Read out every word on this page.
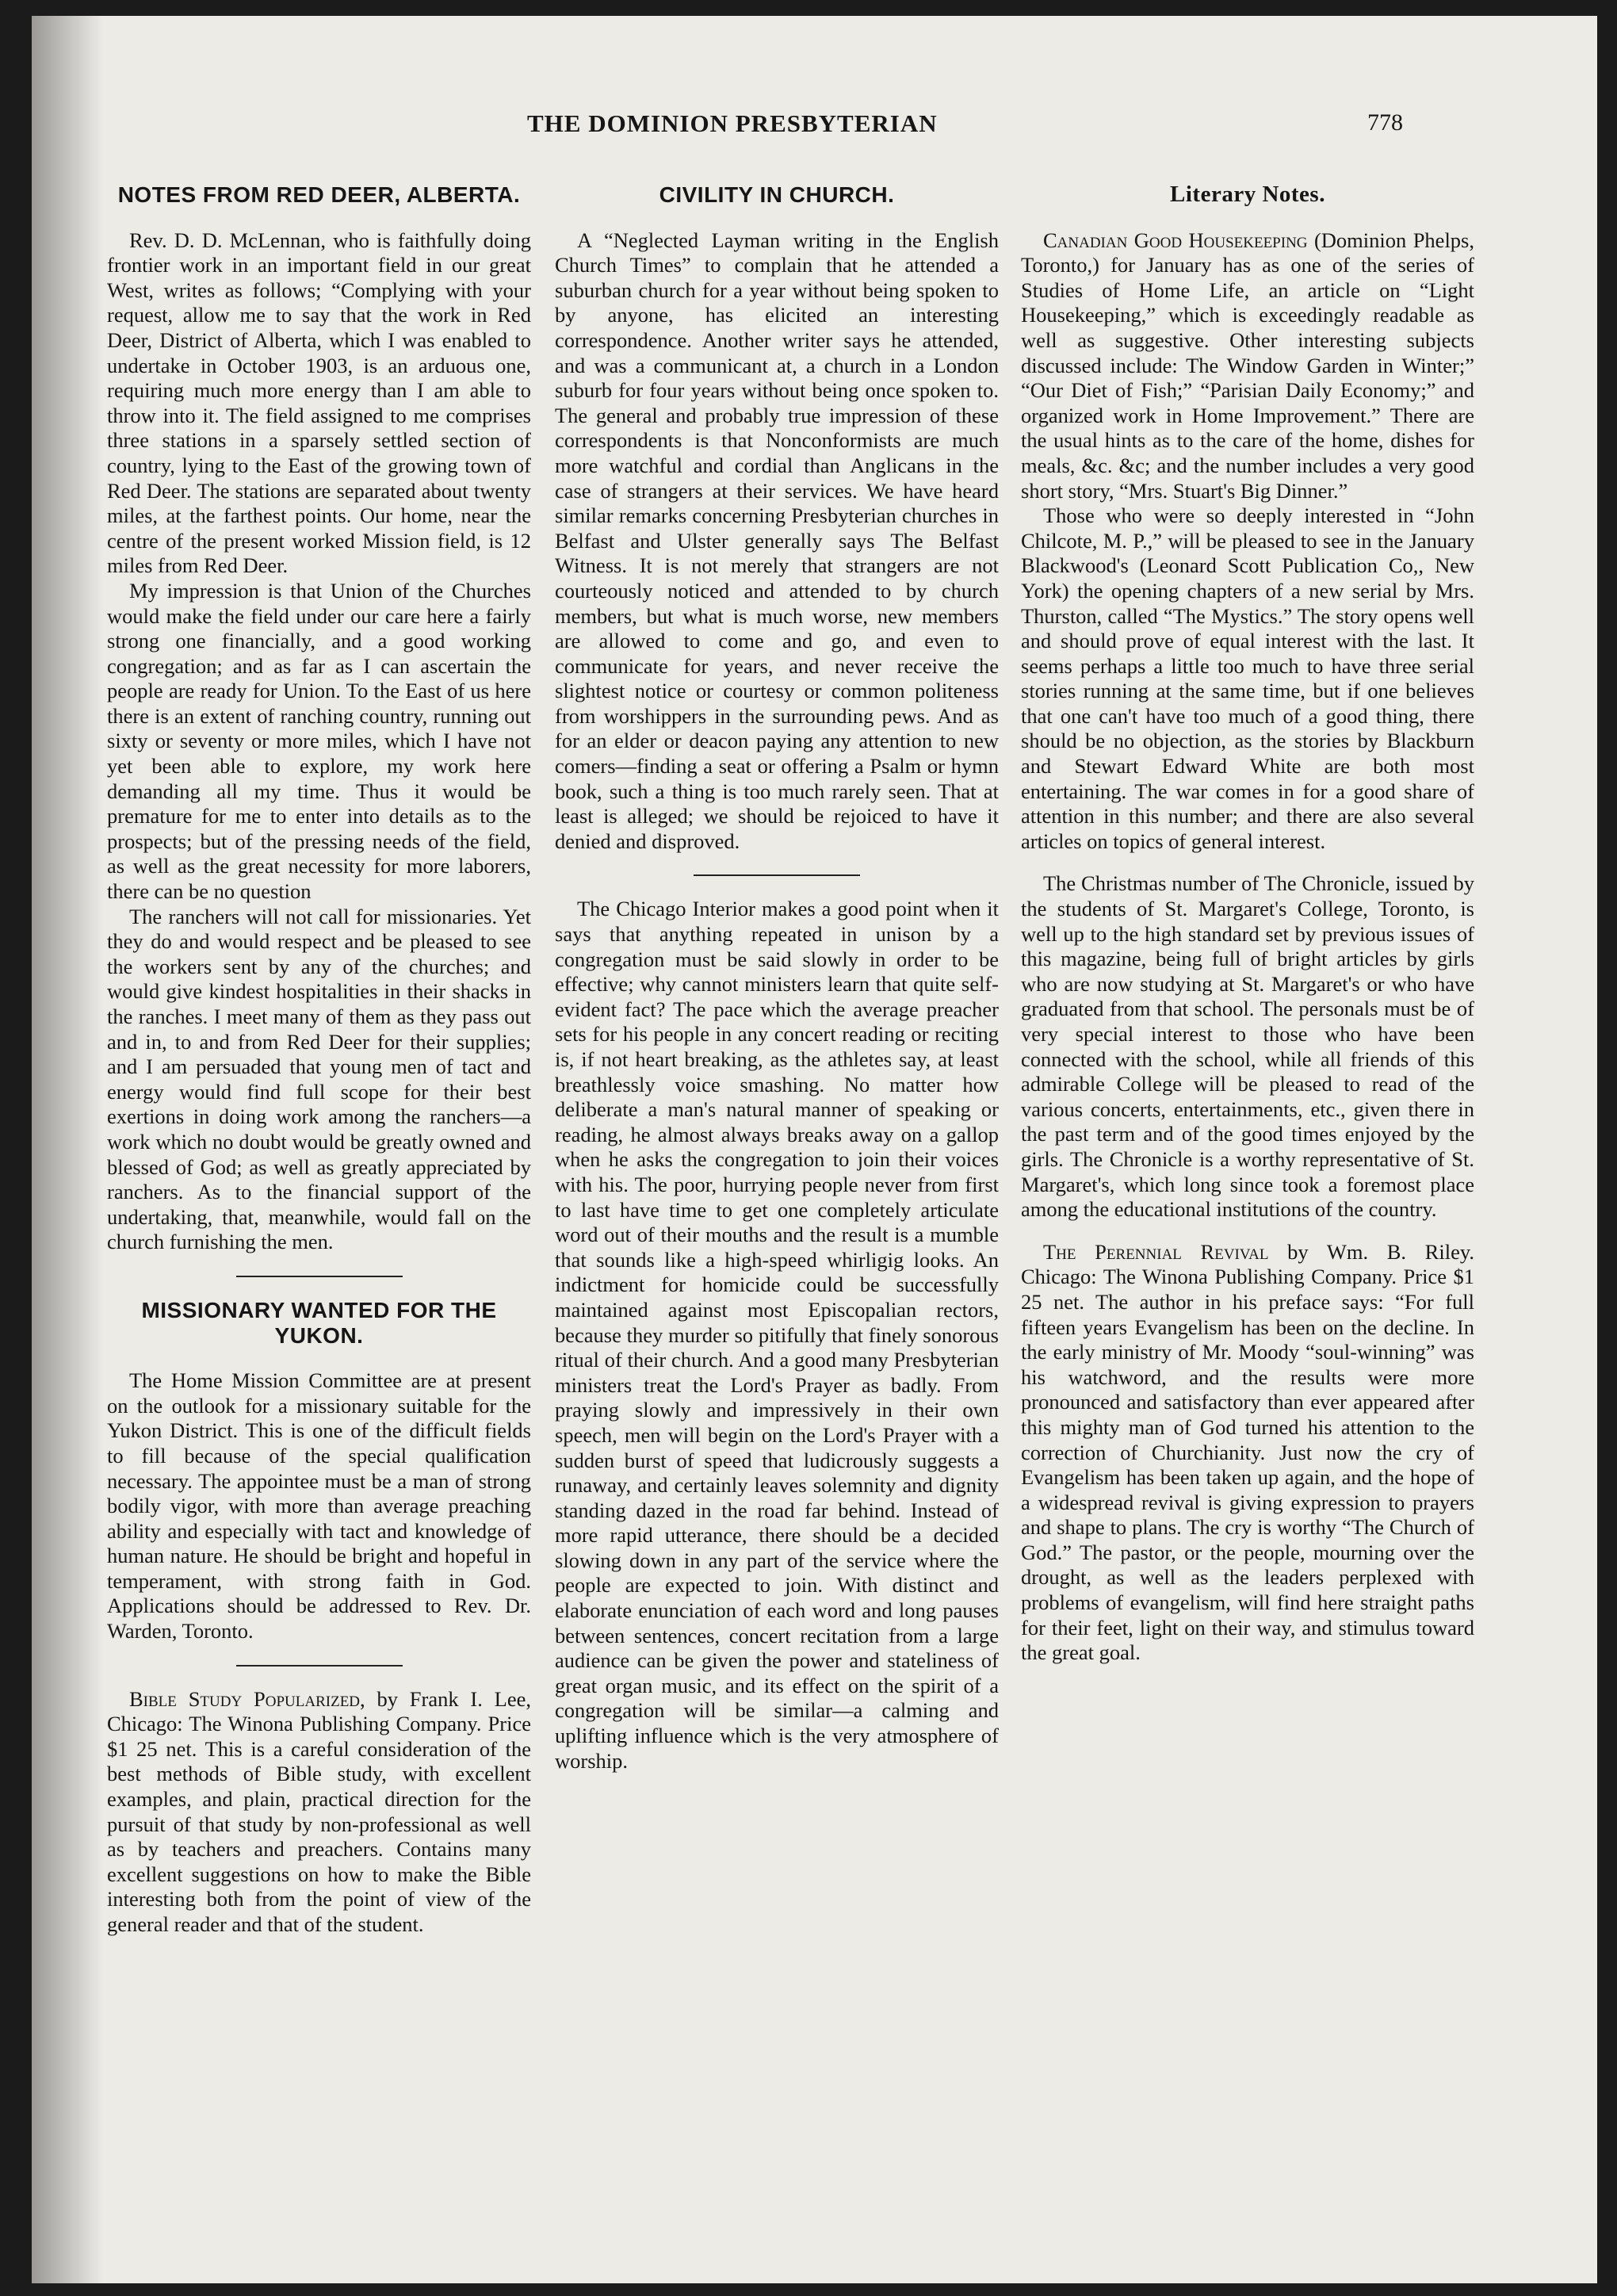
THE DOMINION PRESBYTERIAN	778
NOTES FROM RED DEER, ALBERTA.

Rev. D. D. McLennan, who is faithfully doing frontier work in an important field in our great West, writes as follows; “Complying with your request, allow me to say that the work in Red Deer, District of Alberta, which I was enabled to undertake in October 1903, is an arduous one, requiring much more energy than I am able to throw into it. The field assigned to me comprises three stations in a sparsely settled section of country, lying to the East of the growing town of Red Deer. The stations are separated about twenty miles, at the farthest points. Our home, near the centre of the present worked Mission field, is 12 miles from Red Deer.

My impression is that Union of the Churches would make the field under our care here a fairly strong one financially, and a good working congregation; and as far as I can ascertain the people are ready for Union. To the East of us here there is an extent of ranching country, running out sixty or seventy or more miles, which I have not yet been able to explore, my work here demanding all my time. Thus it would be premature for me to enter into details as to the prospects; but of the pressing needs of the field, as well as the great necessity for more laborers, there can be no question

The ranchers will not call for missionaries. Yet they do and would respect and be pleased to see the workers sent by any of the churches; and would give kindest hospitalities in their shacks in the ranches. I meet many of them as they pass out and in, to and from Red Deer for their supplies; and I am persuaded that young men of tact and energy would find full scope for their best exertions in doing work among the ranchers—a work which no doubt would be greatly owned and blessed of God; as well as greatly appreciated by ranchers. As to the financial support of the undertaking, that, meanwhile, would fall on the church furnishing the men.

MISSIONARY WANTED FOR THE YUKON.

The Home Mission Committee are at present on the outlook for a missionary suitable for the Yukon District. This is one of the difficult fields to fill because of the special qualification necessary. The appointee must be a man of strong bodily vigor, with more than average preaching ability and especially with tact and knowledge of human nature. He should be bright and hopeful in temperament, with strong faith in God. Applications should be addressed to Rev. Dr. Warden, Toronto.

Bible Study Popularized, by Frank I. Lee, Chicago: The Winona Publishing Company. Price $1 25 net. This is a careful consideration of the best methods of Bible study, with excellent examples, and plain, practical direction for the pursuit of that study by non-professional as well as by teachers and preachers. Contains many excellent suggestions on how to make the Bible interesting both from the point of view of the general reader and that of the student.

CIVILITY IN CHURCH.

A “Neglected Layman writing in the English Church Times” to complain that he attended a suburban church for a year without being spoken to by anyone, has elicited an interesting correspondence. Another writer says he attended, and was a communicant at, a church in a London suburb for four years without being once spoken to. The general and probably true impression of these correspondents is that Nonconformists are much more watchful and cordial than Anglicans in the case of strangers at their services. We have heard similar remarks concerning Presbyterian churches in Belfast and Ulster generally says The Belfast Witness. It is not merely that strangers are not courteously noticed and attended to by church members, but what is much worse, new members are allowed to come and go, and even to communicate for years, and never receive the slightest notice or courtesy or common politeness from worshippers in the surrounding pews. And as for an elder or deacon paying any attention to new comers—finding a seat or offering a Psalm or hymn book, such a thing is too much rarely seen. That at least is alleged; we should be rejoiced to have it denied and disproved.

The Chicago Interior makes a good point when it says that anything repeated in unison by a congregation must be said slowly in order to be effective; why cannot ministers learn that quite self-evident fact? The pace which the average preacher sets for his people in any concert reading or reciting is, if not heart breaking, as the athletes say, at least breathlessly voice smashing. No matter how deliberate a man's natural manner of speaking or reading, he almost always breaks away on a gallop when he asks the congregation to join their voices with his. The poor, hurrying people never from first to last have time to get one completely articulate word out of their mouths and the result is a mumble that sounds like a high-speed whirligig looks. An indictment for homicide could be successfully maintained against most Episcopalian rectors, because they murder so pitifully that finely sonorous ritual of their church. And a good many Presbyterian ministers treat the Lord's Prayer as badly. From praying slowly and impressively in their own speech, men will begin on the Lord's Prayer with a sudden burst of speed that ludicrously suggests a runaway, and certainly leaves solemnity and dignity standing dazed in the road far behind. Instead of more rapid utterance, there should be a decided slowing down in any part of the service where the people are expected to join. With distinct and elaborate enunciation of each word and long pauses between sentences, concert recitation from a large audience can be given the power and stateliness of great organ music, and its effect on the spirit of a congregation will be similar—a calming and uplifting influence which is the very atmosphere of worship.

Literary Notes.

Canadian Good Housekeeping (Dominion Phelps, Toronto,) for January has as one of the series of Studies of Home Life, an article on “Light Housekeeping,” which is exceedingly readable as well as suggestive. Other interesting subjects discussed include: The Window Garden in Winter;” “Our Diet of Fish;” “Parisian Daily Economy;” and organized work in Home Improvement.” There are the usual hints as to the care of the home, dishes for meals, &c. &c; and the number includes a very good short story, “Mrs. Stuart's Big Dinner.”

Those who were so deeply interested in “John Chilcote, M. P.,” will be pleased to see in the January Blackwood's (Leonard Scott Publication Co,, New York) the opening chapters of a new serial by Mrs. Thurston, called “The Mystics.” The story opens well and should prove of equal interest with the last. It seems perhaps a little too much to have three serial stories running at the same time, but if one believes that one can't have too much of a good thing, there should be no objection, as the stories by Blackburn and Stewart Edward White are both most entertaining. The war comes in for a good share of attention in this number; and there are also several articles on topics of general interest.

The Christmas number of The Chronicle, issued by the students of St. Margaret's College, Toronto, is well up to the high standard set by previous issues of this magazine, being full of bright articles by girls who are now studying at St. Margaret's or who have graduated from that school. The personals must be of very special interest to those who have been connected with the school, while all friends of this admirable College will be pleased to read of the various concerts, entertainments, etc., given there in the past term and of the good times enjoyed by the girls. The Chronicle is a worthy representative of St. Margaret's, which long since took a foremost place among the educational institutions of the country.

The Perennial Revival by Wm. B. Riley. Chicago: The Winona Publishing Company. Price $1 25 net. The author in his preface says: “For full fifteen years Evangelism has been on the decline. In the early ministry of Mr. Moody “soul-winning” was his watchword, and the results were more pronounced and satisfactory than ever appeared after this mighty man of God turned his attention to the correction of Churchianity. Just now the cry of Evangelism has been taken up again, and the hope of a widespread revival is giving expression to prayers and shape to plans. The cry is worthy “The Church of God.” The pastor, or the people, mourning over the drought, as well as the leaders perplexed with problems of evangelism, will find here straight paths for their feet, light on their way, and stimulus toward the great goal.
